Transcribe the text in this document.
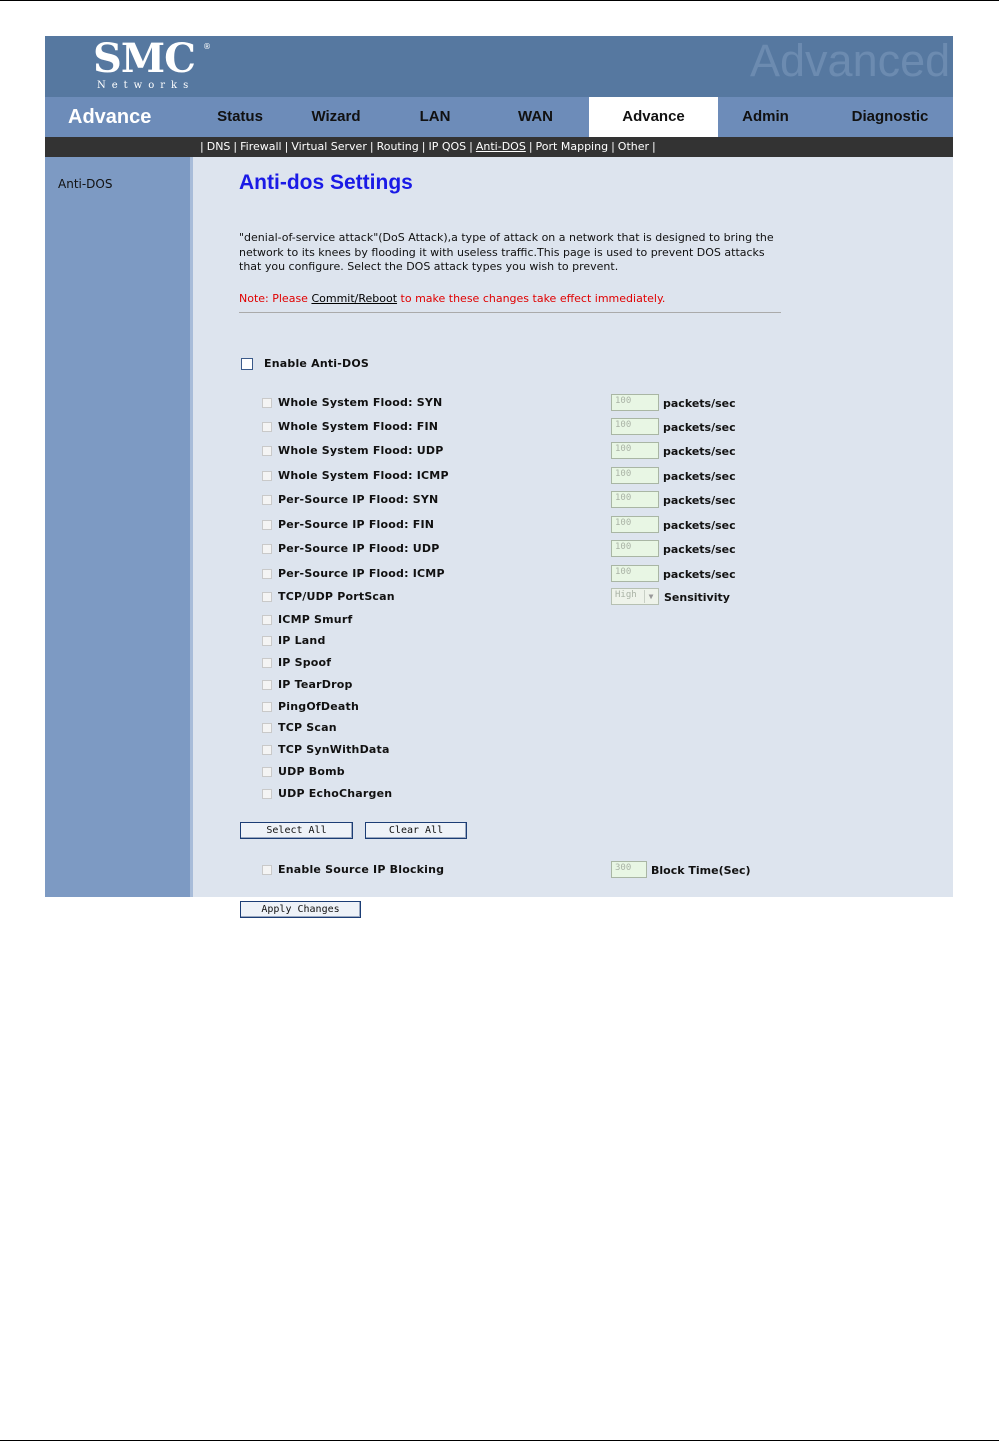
SMC ®
Networks	Advanced
Advance	Status	Wizard	LAN	WAN	Advance	Admin	Diagnostic
| DNS | Firewall | Virtual Server | Routing | IP QOS | Anti-DOS | Port Mapping | Other |
Anti-DOS	Anti-dos Settings
"denial-of-service attack"(DoS Attack),a type of attack on a network that is designed to bring the network to its knees by flooding it with useless traffic.This page is used to prevent DOS attacks that you configure. Select the DOS attack types you wish to prevent.
Note: Please Commit/Reboot to make these changes take effect immediately.
Enable Anti-DOS
Whole System Flood: SYN	100	packets/sec
Whole System Flood: FIN	100	packets/sec
Whole System Flood: UDP	100	packets/sec
Whole System Flood: ICMP	100	packets/sec
Per-Source IP Flood: SYN	100	packets/sec
Per-Source IP Flood: FIN	100	packets/sec
Per-Source IP Flood: UDP	100	packets/sec
Per-Source IP Flood: ICMP	100	packets/sec
TCP/UDP PortScan	High	▼ Sensitivity
ICMP Smurf
IP Land
IP Spoof
IP TearDrop
PingOfDeath
TCP Scan
TCP SynWithData
UDP Bomb
UDP EchoChargen
Select All	Clear All
Enable Source IP Blocking	300	Block Time(Sec)
Apply Changes
